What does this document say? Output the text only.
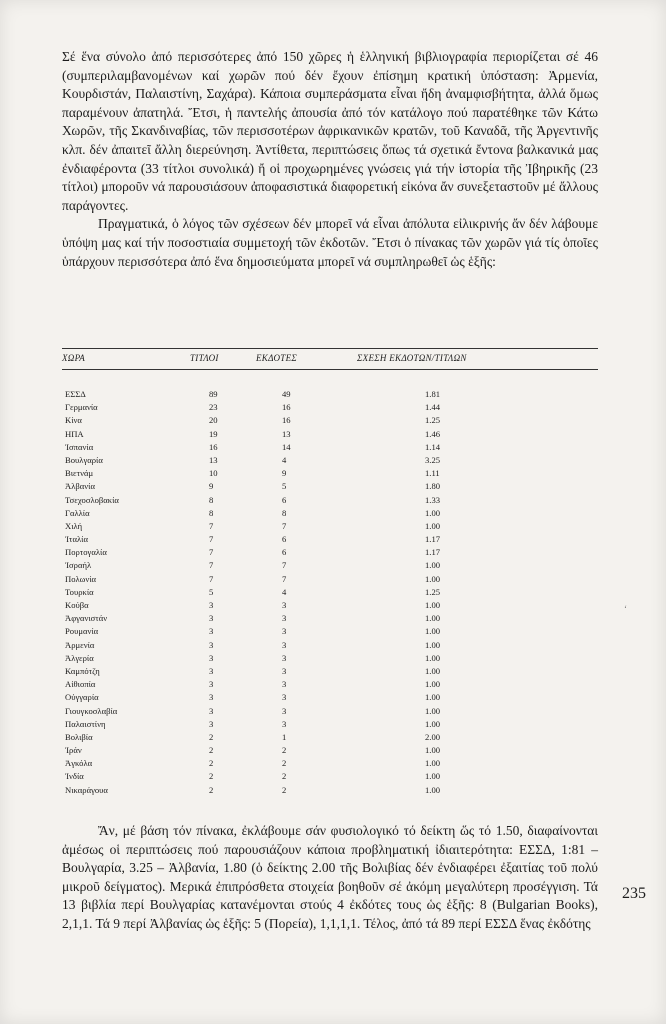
Σέ ἕνα σύνολο ἀπό περισσότερες ἀπό 150 χῶρες ἡ ἑλληνική βιβλιογραφία περιορίζεται σέ 46 (συμπεριλαμβανομένων καί χωρῶν πού δέν ἔχουν ἐπίσημη κρατική ὑπόσταση: Ἀρμενία, Κουρδιστάν, Παλαιστίνη, Σαχάρα). Κάποια συμπεράσματα εἶναι ἤδη ἀναμφισβήτητα, ἀλλά ὅμως παραμένουν ἀπατηλά. Ἔτσι, ἡ παντελής ἀπουσία ἀπό τόν κατάλογο πού παρατέθηκε τῶν Κάτω Χωρῶν, τῆς Σκανδιναβίας, τῶν περισσοτέρων ἀφρικανικῶν κρατῶν, τοῦ Καναδᾶ, τῆς Ἀργεντινῆς κλπ. δέν ἀπαιτεῖ ἄλλη διερεύνηση. Ἀντίθετα, περιπτώσεις ὅπως τά σχετικά ἔντονα βαλκανικά μας ἐνδιαφέροντα (33 τίτλοι συνολικά) ἤ οἱ προχωρημένες γνώσεις γιά τήν ἱστορία τῆς Ἰβηρικῆς (23 τίτλοι) μποροῦν νά παρουσιάσουν ἀποφασιστικά διαφορετική εἰκόνα ἄν συνεξεταστοῦν μέ ἄλλους παράγοντες.

Πραγματικά, ὁ λόγος τῶν σχέσεων δέν μπορεῖ νά εἶναι ἀπόλυτα εἰλικρινής ἄν δέν λάβουμε ὑπόψη μας καί τήν ποσοστιαία συμμετοχή τῶν ἐκδοτῶν. Ἔτσι ὁ πίνακας τῶν χωρῶν γιά τίς ὁποῖες ὑπάρχουν περισσότερα ἀπό ἕνα δημοσιεύματα μπορεῖ νά συμπληρωθεῖ ὡς ἑξῆς:

ΧΩΡΑ	ΤΙΤΛΟΙ	ΕΚΔΟΤΕΣ	ΣΧΕΣΗ ΕΚΔΟΤΩΝ/ΤΙΤΛΩΝ
ΕΣΣΔ	89	49	1.81
Γερμανία	23	16	1.44
Κίνα	20	16	1.25
ΗΠΑ	19	13	1.46
Ἰσπανία	16	14	1.14
Βουλγαρία	13	4	3.25
Βιετνάμ	10	9	1.11
Ἀλβανία	9	5	1.80
Τσεχοσλοβακία	8	6	1.33
Γαλλία	8	8	1.00
Χιλή	7	7	1.00
Ἰταλία	7	6	1.17
Πορτογαλία	7	6	1.17
Ἰσραήλ	7	7	1.00
Πολωνία	7	7	1.00
Τουρκία	5	4	1.25
Κούβα	3	3	1.00
Ἀφγανιστάν	3	3	1.00
Ρουμανία	3	3	1.00
Ἀρμενία	3	3	1.00
Ἀλγερία	3	3	1.00
Καμπότζη	3	3	1.00
Αἰθιοπία	3	3	1.00
Οὐγγαρία	3	3	1.00
Γιουγκοσλαβία	3	3	1.00
Παλαιστίνη	3	3	1.00
Βολιβία	2	1	2.00
Ἰράν	2	2	1.00
Ἀγκόλα	2	2	1.00
Ἰνδία	2	2	1.00
Νικαράγουα	2	2	1.00

Ἄν, μέ βάση τόν πίνακα, ἐκλάβουμε σάν φυσιολογικό τό δείκτη ὥς τό 1.50, διαφαίνονται ἀμέσως οἱ περιπτώσεις πού παρουσιάζουν κάποια προβληματική ἰδιαιτερότητα: ΕΣΣΔ, 1:81 – Βουλγαρία, 3.25 – Ἀλβανία, 1.80 (ὁ δείκτης 2.00 τῆς Βολιβίας δέν ἐνδιαφέρει ἐξαιτίας τοῦ πολύ μικροῦ δείγματος). Μερικά ἐπιπρόσθετα στοιχεία βοηθοῦν σέ ἀκόμη μεγαλύτερη προσέγγιση. Τά 13 βιβλία περί Βουλγαρίας κατανέμονται στούς 4 ἐκδότες τους ὡς ἑξῆς: 8 (Bulgarian Books), 2,1,1. Τά 9 περί Ἀλβανίας ὡς ἑξῆς: 5 (Πορεία), 1,1,1,1. Τέλος, ἀπό τά 89 περί ΕΣΣΔ ἕνας ἐκδότης

‘
235
